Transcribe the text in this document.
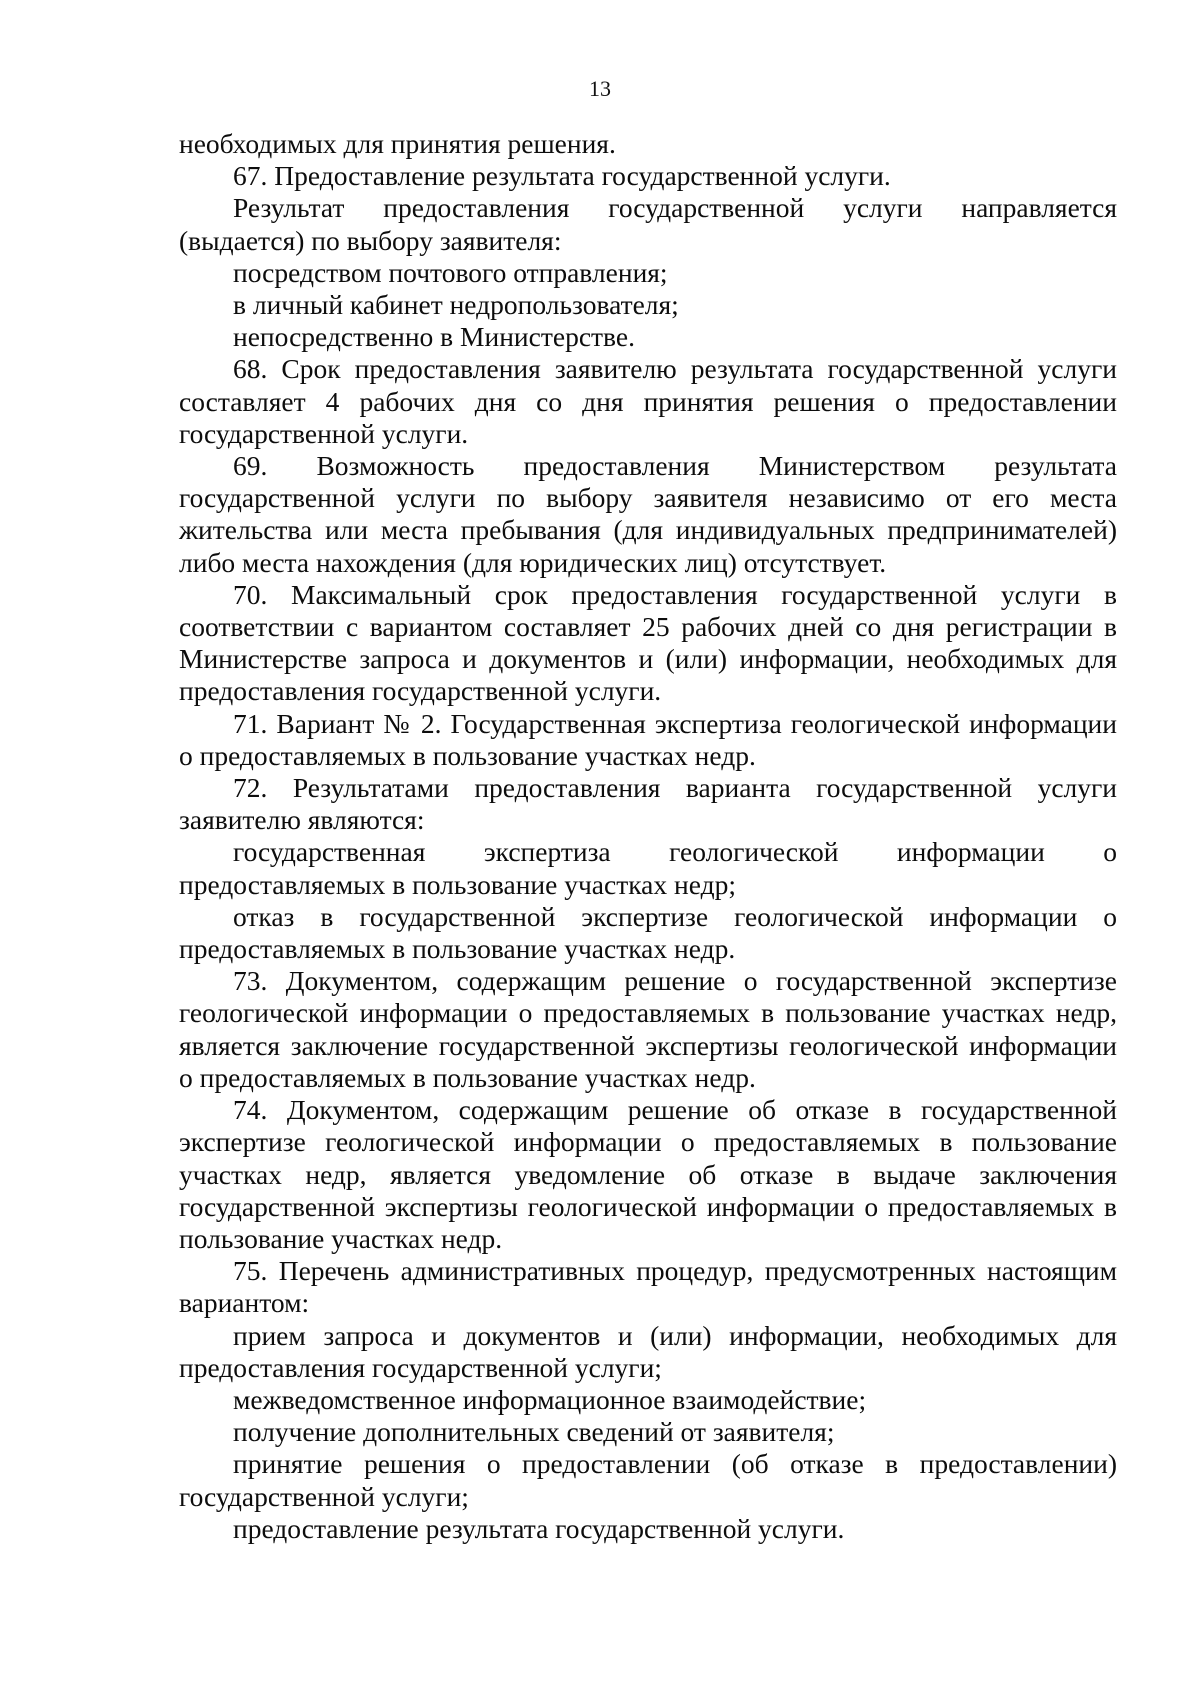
13

необходимых для принятия решения.

67. Предоставление результата государственной услуги.

Результат предоставления государственной услуги направляется (выдается) по выбору заявителя:

посредством почтового отправления;

в личный кабинет недропользователя;

непосредственно в Министерстве.

68. Срок предоставления заявителю результата государственной услуги составляет 4 рабочих дня со дня принятия решения о предоставлении государственной услуги.

69. Возможность предоставления Министерством результата государственной услуги по выбору заявителя независимо от его места жительства или места пребывания (для индивидуальных предпринимателей) либо места нахождения (для юридических лиц) отсутствует.

70. Максимальный срок предоставления государственной услуги в соответствии с вариантом составляет 25 рабочих дней со дня регистрации в Министерстве запроса и документов и (или) информации, необходимых для предоставления государственной услуги.

71. Вариант № 2. Государственная экспертиза геологической информации о предоставляемых в пользование участках недр.

72. Результатами предоставления варианта государственной услуги заявителю являются:

государственная экспертиза геологической информации о предоставляемых в пользование участках недр;

отказ в государственной экспертизе геологической информации о предоставляемых в пользование участках недр.

73. Документом, содержащим решение о государственной экспертизе геологической информации о предоставляемых в пользование участках недр, является заключение государственной экспертизы геологической информации о предоставляемых в пользование участках недр.

74. Документом, содержащим решение об отказе в государственной экспертизе геологической информации о предоставляемых в пользование участках недр, является уведомление об отказе в выдаче заключения государственной экспертизы геологической информации о предоставляемых в пользование участках недр.

75. Перечень административных процедур, предусмотренных настоящим вариантом:

прием запроса и документов и (или) информации, необходимых для предоставления государственной услуги;

межведомственное информационное взаимодействие;

получение дополнительных сведений от заявителя;

принятие решения о предоставлении (об отказе в предоставлении) государственной услуги;

предоставление результата государственной услуги.
